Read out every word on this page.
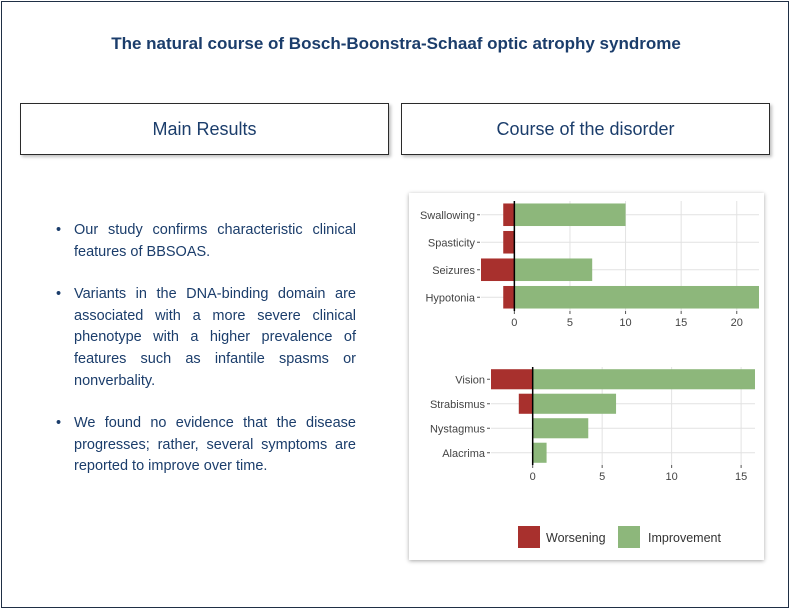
The natural course of Bosch-Boonstra-Schaaf optic atrophy syndrome
Main Results	Course of the disorder
• Our study confirms characteristic clinical features of BBSOAS.
• Variants in the DNA-binding domain are associated with a more severe clinical phenotype with a higher prevalence of features such as infantile spasms or nonverbality.
• We found no evidence that the disease progresses; rather, several symptoms are reported to improve over time.
Swallowing
Spasticity
Seizures
Hypotonia
0	5	10	15	20
Vision
Strabismus
Nystagmus
Alacrima
0	5	10	15
Worsening	Improvement
